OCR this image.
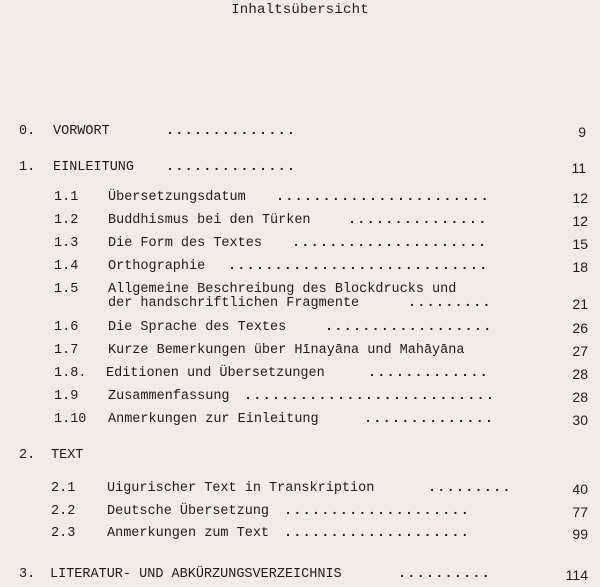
Inhaltsübersicht
0. VORWORT	..............	9
1. EINLEITUNG ..............	11
1.1 Übersetzungsdatum .......................	12
1.2 Buddhismus bei den Türken	...............	12
1.3 Die Form des Textes .....................	15
1.4 Orthographie ............................	18
1.5 Allgemeine Beschreibung des Blockdrucks und
der handschriftlichen Fragmente	.........	21
1.6 Die Sprache des Textes	..................	26
1.7 Kurze Bemerkungen über Hīnayāna und Mahāyāna	27
1.8. Editionen und Übersetzungen	.............	28
1.9 Zusammenfassung ...........................	28
1.10 Anmerkungen zur Einleitung	..............	30
2. TEXT
2.1 Uigurischer Text in Transkription	.........	40
2.2 Deutsche Übersetzung ....................	77
2.3 Anmerkungen zum Text ....................	99
3. LITERATUR- UND ABKÜRZUNGSVERZEICHNIS	..........	114
